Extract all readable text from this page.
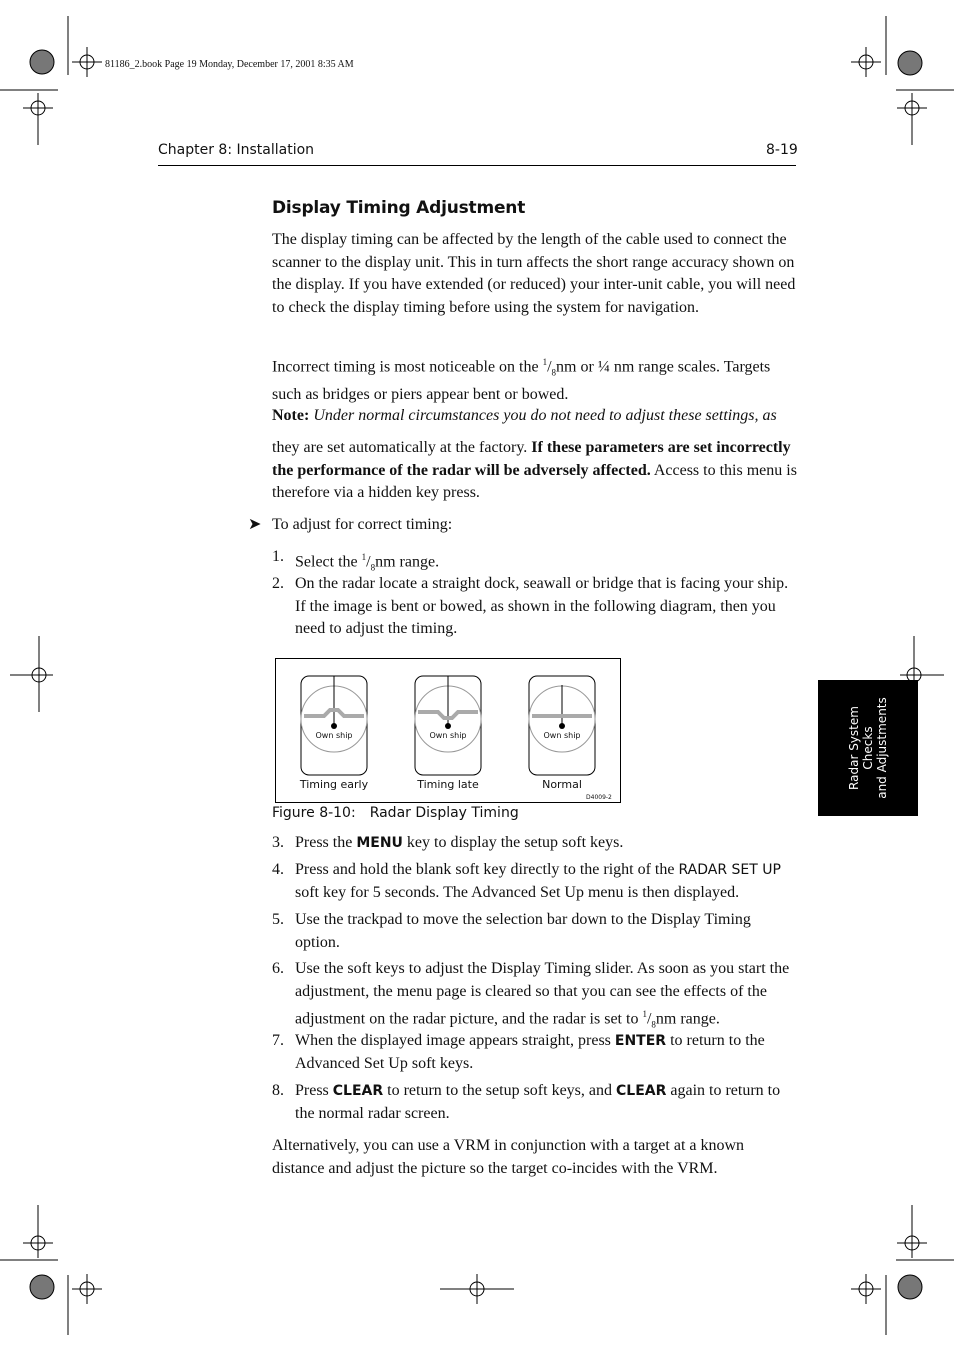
81186_2.book Page 19 Monday, December 17, 2001 8:35 AM
Chapter 8: Installation	8-19
Radar System Checks and Adjustments
Display Timing Adjustment

The display timing can be affected by the length of the cable used to connect the scanner to the display unit. This in turn affects the short range accuracy shown on the display. If you have extended (or reduced) your inter-unit cable, you will need to check the display timing before using the system for navigation.

Incorrect timing is most noticeable on the $^1/_8nm$ or ¼ nm range scales. Targets such as bridges or piers appear bent or bowed.

Note: Under normal circumstances you do not need to adjust these settings, as

they are set automatically at the factory. If these parameters are set incorrectly the performance of the radar will be adversely affected. Access to this menu is therefore via a hidden key press.

➤ To adjust for correct timing:
1. Select the $^1/_8nm$ range.
2. On the radar locate a straight dock, seawall or bridge that is facing your ship. If the image is bent or bowed, as shown in the following diagram, then you need to adjust the timing.
Own ship	Own ship	Own ship
Timing early	Timing late	Normal
D4009-2
Figure 8-10: Radar Display Timing
3. Press the MENU key to display the setup soft keys.
4. Press and hold the blank soft key directly to the right of the RADAR SET UP soft key for 5 seconds. The Advanced Set Up menu is then displayed.
5. Use the trackpad to move the selection bar down to the Display Timing option.
6. Use the soft keys to adjust the Display Timing slider. As soon as you start the adjustment, the menu page is cleared so that you can see the effects of the adjustment on the radar picture, and the radar is set to $^1/_8nm$ range.
7. When the displayed image appears straight, press ENTER to return to the Advanced Set Up soft keys.
8. Press CLEAR to return to the setup soft keys, and CLEAR again to return to the normal radar screen.

Alternatively, you can use a VRM in conjunction with a target at a known distance and adjust the picture so the target co-incides with the VRM.
